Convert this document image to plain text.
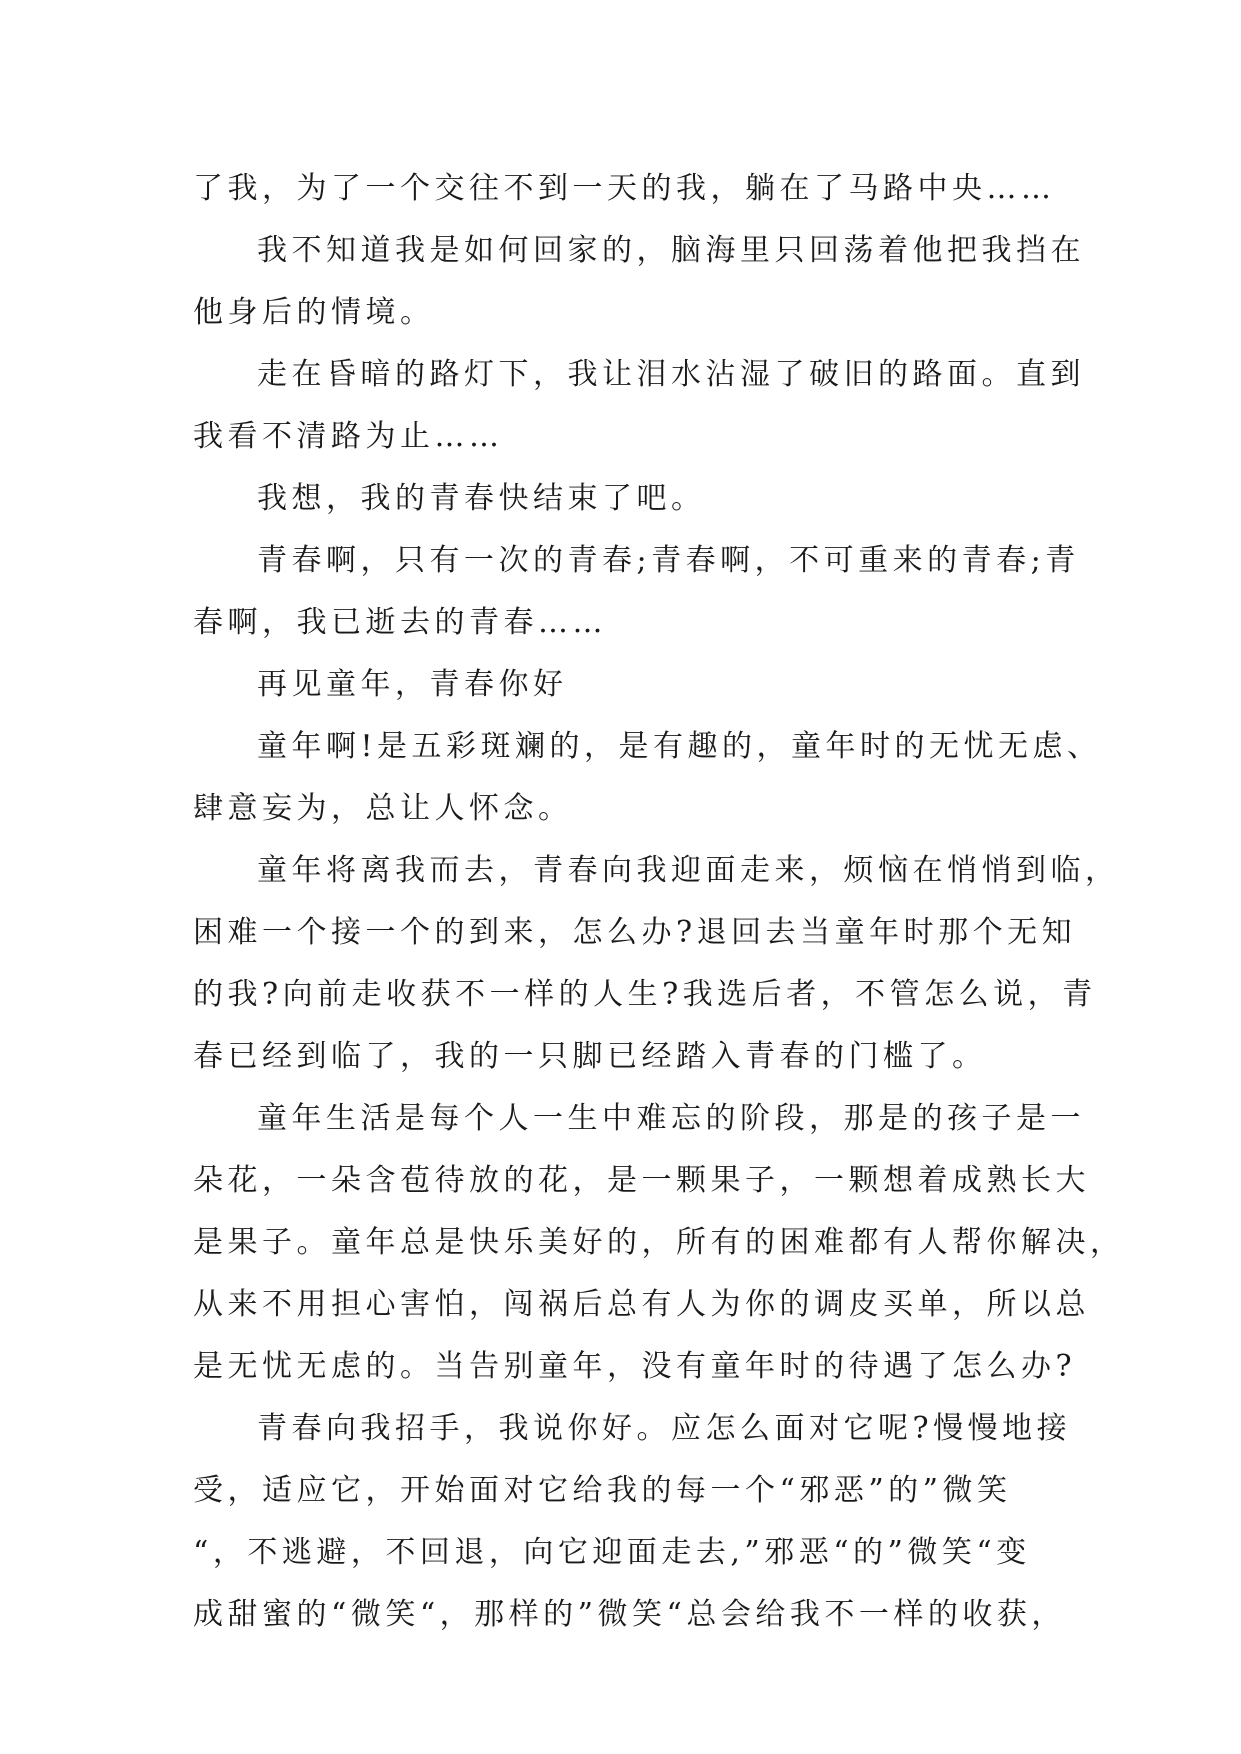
了我，为了一个交往不到一天的我，躺在了马路中央……
我不知道我是如何回家的，脑海里只回荡着他把我挡在
他身后的情境。
走在昏暗的路灯下，我让泪水沾湿了破旧的路面。直到
我看不清路为止……
我想，我的青春快结束了吧。
青春啊，只有一次的青春;青春啊，不可重来的青春;青
春啊，我已逝去的青春……
再见童年，青春你好
童年啊!是五彩斑斓的，是有趣的，童年时的无忧无虑、
肆意妄为，总让人怀念。
童年将离我而去，青春向我迎面走来，烦恼在悄悄到临，
困难一个接一个的到来，怎么办?退回去当童年时那个无知
的我?向前走收获不一样的人生?我选后者，不管怎么说，青
春已经到临了，我的一只脚已经踏入青春的门槛了。
童年生活是每个人一生中难忘的阶段，那是的孩子是一
朵花，一朵含苞待放的花，是一颗果子，一颗想着成熟长大
是果子。童年总是快乐美好的，所有的困难都有人帮你解决，
从来不用担心害怕，闯祸后总有人为你的调皮买单，所以总
是无忧无虑的。当告别童年，没有童年时的待遇了怎么办?
青春向我招手，我说你好。应怎么面对它呢?慢慢地接
受，适应它，开始面对它给我的每一个“邪恶”的”微笑
“，不逃避，不回退，向它迎面走去,”邪恶“的”微笑“变
成甜蜜的“微笑“，那样的”微笑“总会给我不一样的收获，
